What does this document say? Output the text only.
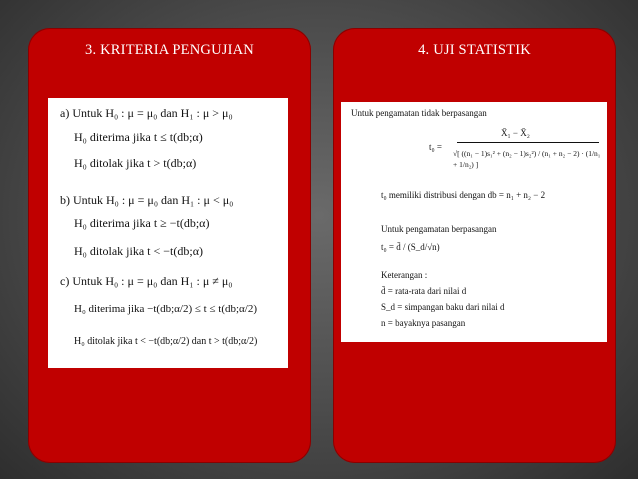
3. KRITERIA PENGUJIAN
a) Untuk H₀ : μ = μ₀ dan H₁ : μ > μ₀
H₀ diterima jika t ≤ t(db;α)
H₀ ditolak jika t > t(db;α)
b) Untuk H₀ : μ = μ₀ dan H₁ : μ < μ₀
H₀ diterima jika t ≥ −t(db;α)
H₀ ditolak jika t < −t(db;α)
c) Untuk H₀ : μ = μ₀ dan H₁ : μ ≠ μ₀
H₀ diterima jika −t(db;α/2) ≤ t ≤ t(db;α/2)
H₀ ditolak jika t < −t(db;α/2) dan t > t(db;α/2)
4. UJI STATISTIK
Untuk pengamatan tidak berpasangan
t₀ =
X̄₁ − X̄₂
√[ ((n₁ − 1)s₁² + (n₂ − 1)s₂²) / (n₁ + n₂ − 2) · (1/n₁ + 1/n₂) ]
t₀ memiliki distribusi dengan db = n₁ + n₂ − 2
Untuk pengamatan berpasangan
t₀ = d̄ / (S_d/√n)
Keterangan :
d̄ = rata-rata dari nilai d
S_d = simpangan baku dari nilai d
n = bayaknya pasangan
